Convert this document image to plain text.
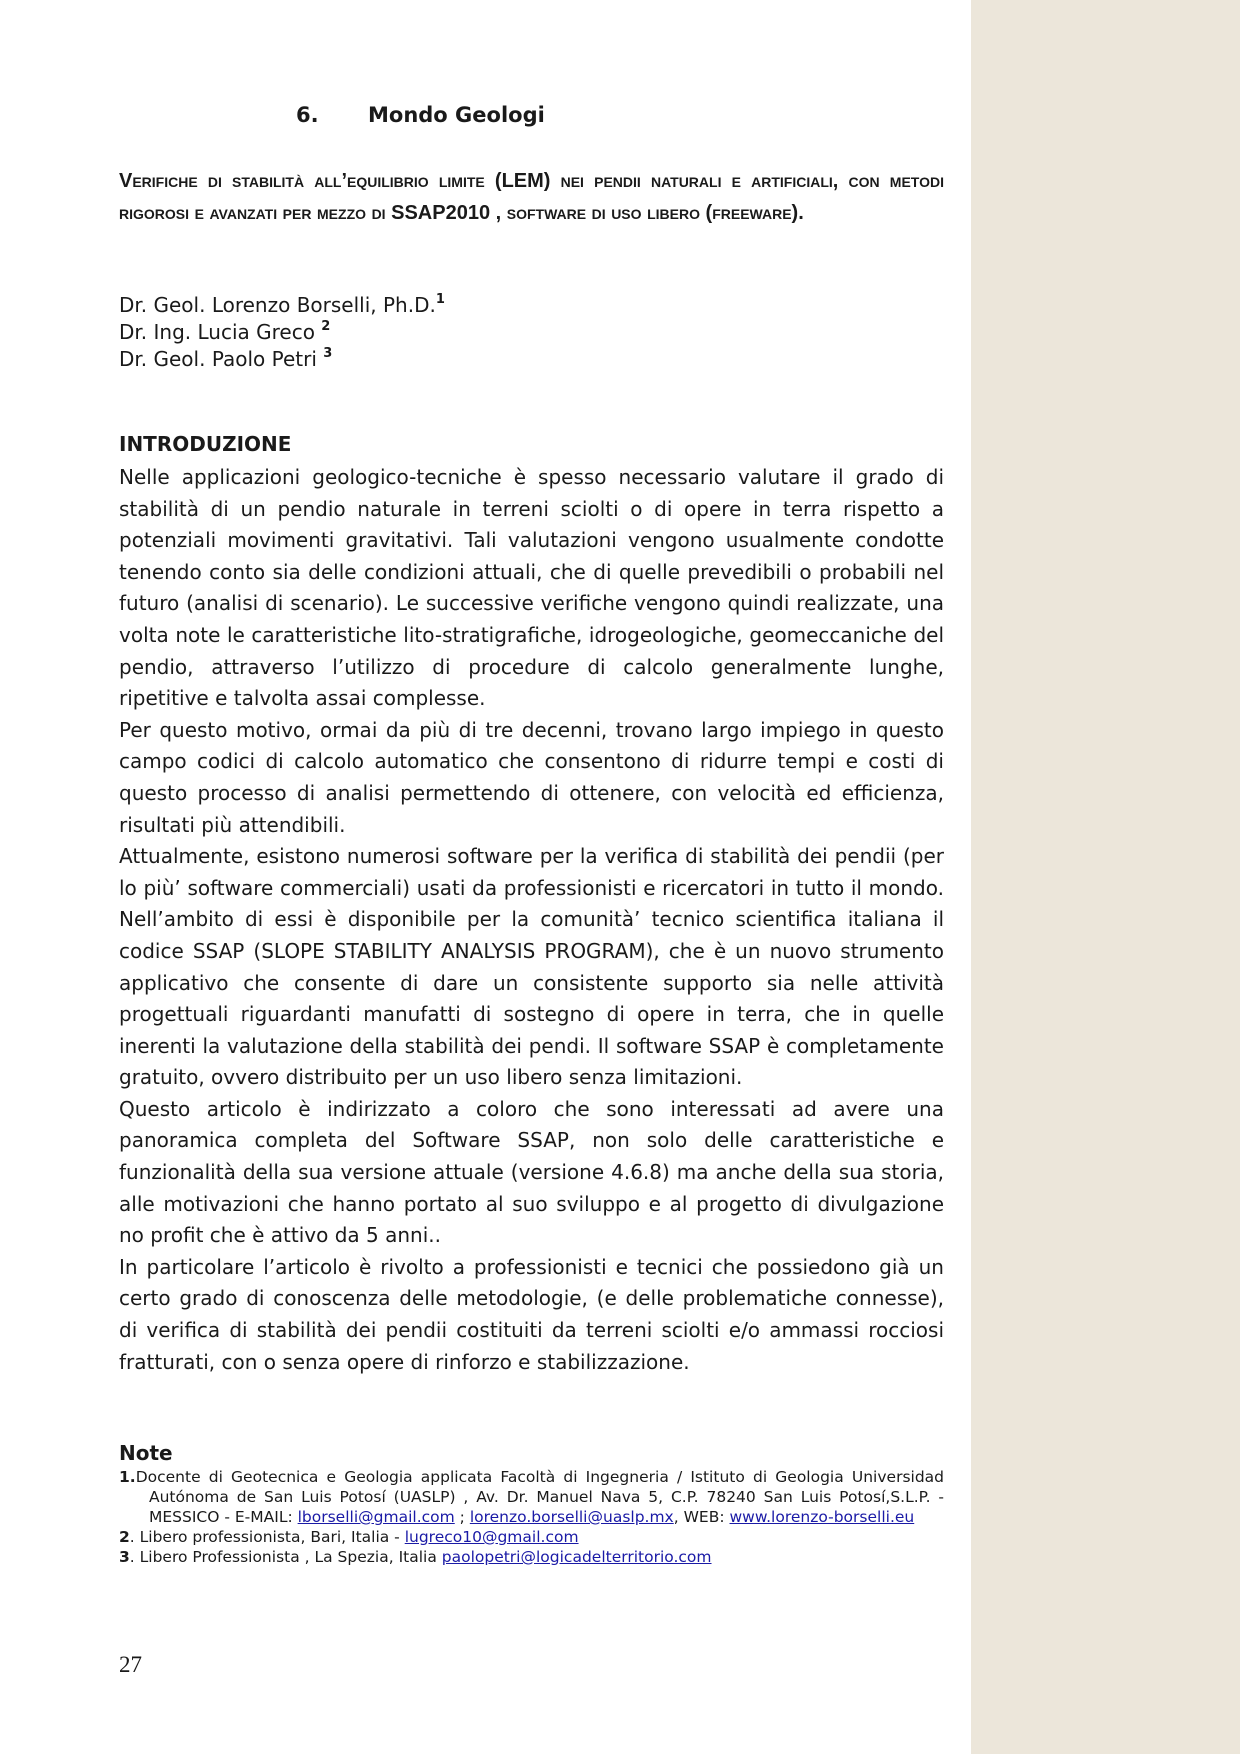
6. Mondo Geologi
Verifiche di stabilità all’equilibrio limite (LEM) nei pendii naturali e artificiali, con metodi rigorosi e avanzati per mezzo di SSAP2010 , software di uso libero (freeware).
Dr. Geol. Lorenzo Borselli, Ph.D.$^1$
Dr. Ing. Lucia Greco $^2$
Dr. Geol. Paolo Petri $^3$
INTRODUZIONE

Nelle applicazioni geologico-tecniche è spesso necessario valutare il grado di stabilità di un pendio naturale in terreni sciolti o di opere in terra rispetto a potenziali movimenti gravitativi. Tali valutazioni vengono usualmente condotte tenendo conto sia delle condizioni attuali, che di quelle prevedibili o probabili nel futuro (analisi di scenario). Le successive verifiche vengono quindi realizzate, una volta note le caratteristiche lito-stratigrafiche, idrogeologiche, geomeccaniche del pendio, attraverso l’utilizzo di procedure di calcolo generalmente lunghe, ripetitive e talvolta assai complesse.

Per questo motivo, ormai da più di tre decenni, trovano largo impiego in questo campo codici di calcolo automatico che consentono di ridurre tempi e costi di questo processo di analisi permettendo di ottenere, con velocità ed efficienza, risultati più attendibili.

Attualmente, esistono numerosi software per la verifica di stabilità dei pendii (per lo più’ software commerciali) usati da professionisti e ricercatori in tutto il mondo. Nell’ambito di essi è disponibile per la comunità’ tecnico scientifica italiana il codice SSAP (SLOPE STABILITY ANALYSIS PROGRAM), che è un nuovo strumento applicativo che consente di dare un consistente supporto sia nelle attività progettuali riguardanti manufatti di sostegno di opere in terra, che in quelle inerenti la valutazione della stabilità dei pendi. Il software SSAP è completamente gratuito, ovvero distribuito per un uso libero senza limitazioni.

Questo articolo è indirizzato a coloro che sono interessati ad avere una panoramica completa del Software SSAP, non solo delle caratteristiche e funzionalità della sua versione attuale (versione 4.6.8) ma anche della sua storia, alle motivazioni che hanno portato al suo sviluppo e al progetto di divulgazione no profit che è attivo da 5 anni..

In particolare l’articolo è rivolto a professionisti e tecnici che possiedono già un certo grado di conoscenza delle metodologie, (e delle problematiche connesse), di verifica di stabilità dei pendii costituiti da terreni sciolti e/o ammassi rocciosi fratturati, con o senza opere di rinforzo e stabilizzazione.

Note
1.Docente di Geotecnica e Geologia applicata Facoltà di Ingegneria / Istituto di Geologia Universidad Autónoma de San Luis Potosí (UASLP) , Av. Dr. Manuel Nava 5, C.P. 78240 San Luis Potosí,S.L.P. - MESSICO - E-MAIL: lborselli@gmail.com ; lorenzo.borselli@uaslp.mx, WEB: www.lorenzo-borselli.eu
2. Libero professionista, Bari, Italia - lugreco10@gmail.com
3. Libero Professionista , La Spezia, Italia paolopetri@logicadelterritorio.com

27
